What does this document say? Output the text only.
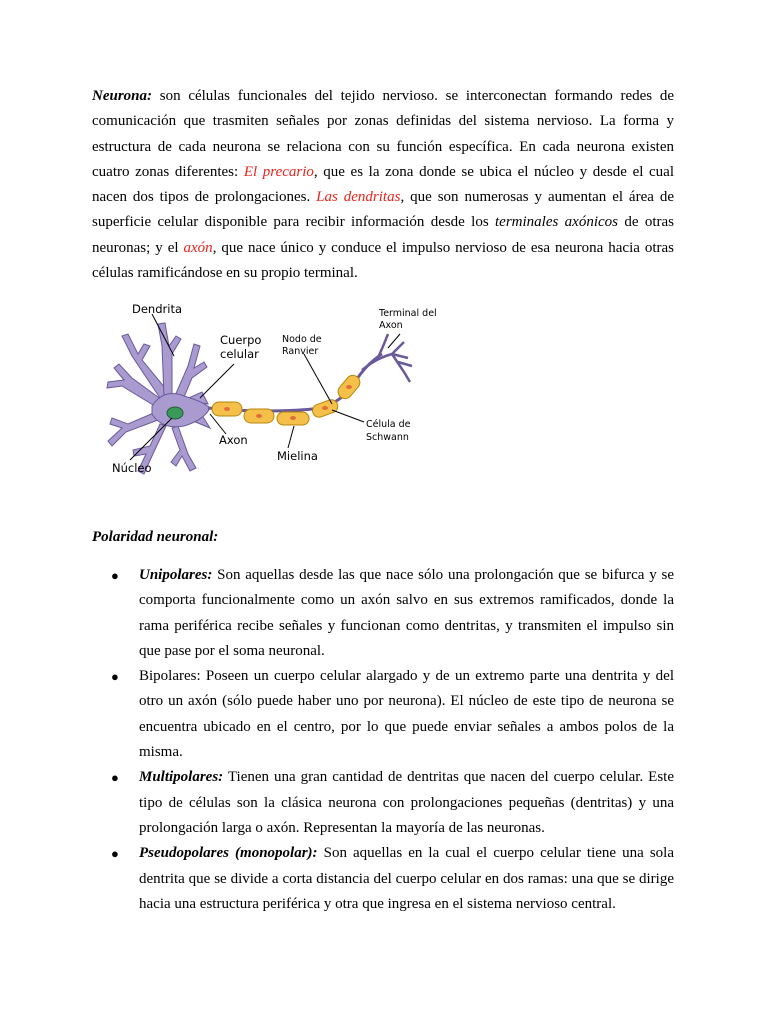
Neurona: son células funcionales del tejido nervioso. se interconectan formando redes de comunicación que trasmiten señales por zonas definidas del sistema nervioso. La forma y estructura de cada neurona se relaciona con su función específica. En cada neurona existen cuatro zonas diferentes: El precario, que es la zona donde se ubica el núcleo y desde el cual nacen dos tipos de prolongaciones. Las dendritas, que son numerosas y aumentan el área de superficie celular disponible para recibir información desde los terminales axónicos de otras neuronas; y el axón, que nace único y conduce el impulso nervioso de esa neurona hacia otras células ramificándose en su propio terminal.

Dendrita
Cuerpo
celular
Nodo de
Ranvier
Terminal del
Axon
Axon
Núcleo
Mielina
Célula de
Schwann

Polaridad neuronal:

● Unipolares: Son aquellas desde las que nace sólo una prolongación que se bifurca y se comporta funcionalmente como un axón salvo en sus extremos ramificados, donde la rama periférica recibe señales y funcionan como dentritas, y transmiten el impulso sin que pase por el soma neuronal.
● Bipolares: Poseen un cuerpo celular alargado y de un extremo parte una dentrita y del otro un axón (sólo puede haber uno por neurona). El núcleo de este tipo de neurona se encuentra ubicado en el centro, por lo que puede enviar señales a ambos polos de la misma.
● Multipolares: Tienen una gran cantidad de dentritas que nacen del cuerpo celular. Este tipo de células son la clásica neurona con prolongaciones pequeñas (dentritas) y una prolongación larga o axón. Representan la mayoría de las neuronas.
● Pseudopolares (monopolar): Son aquellas en la cual el cuerpo celular tiene una sola dentrita que se divide a corta distancia del cuerpo celular en dos ramas: una que se dirige hacia una estructura periférica y otra que ingresa en el sistema nervioso central.
